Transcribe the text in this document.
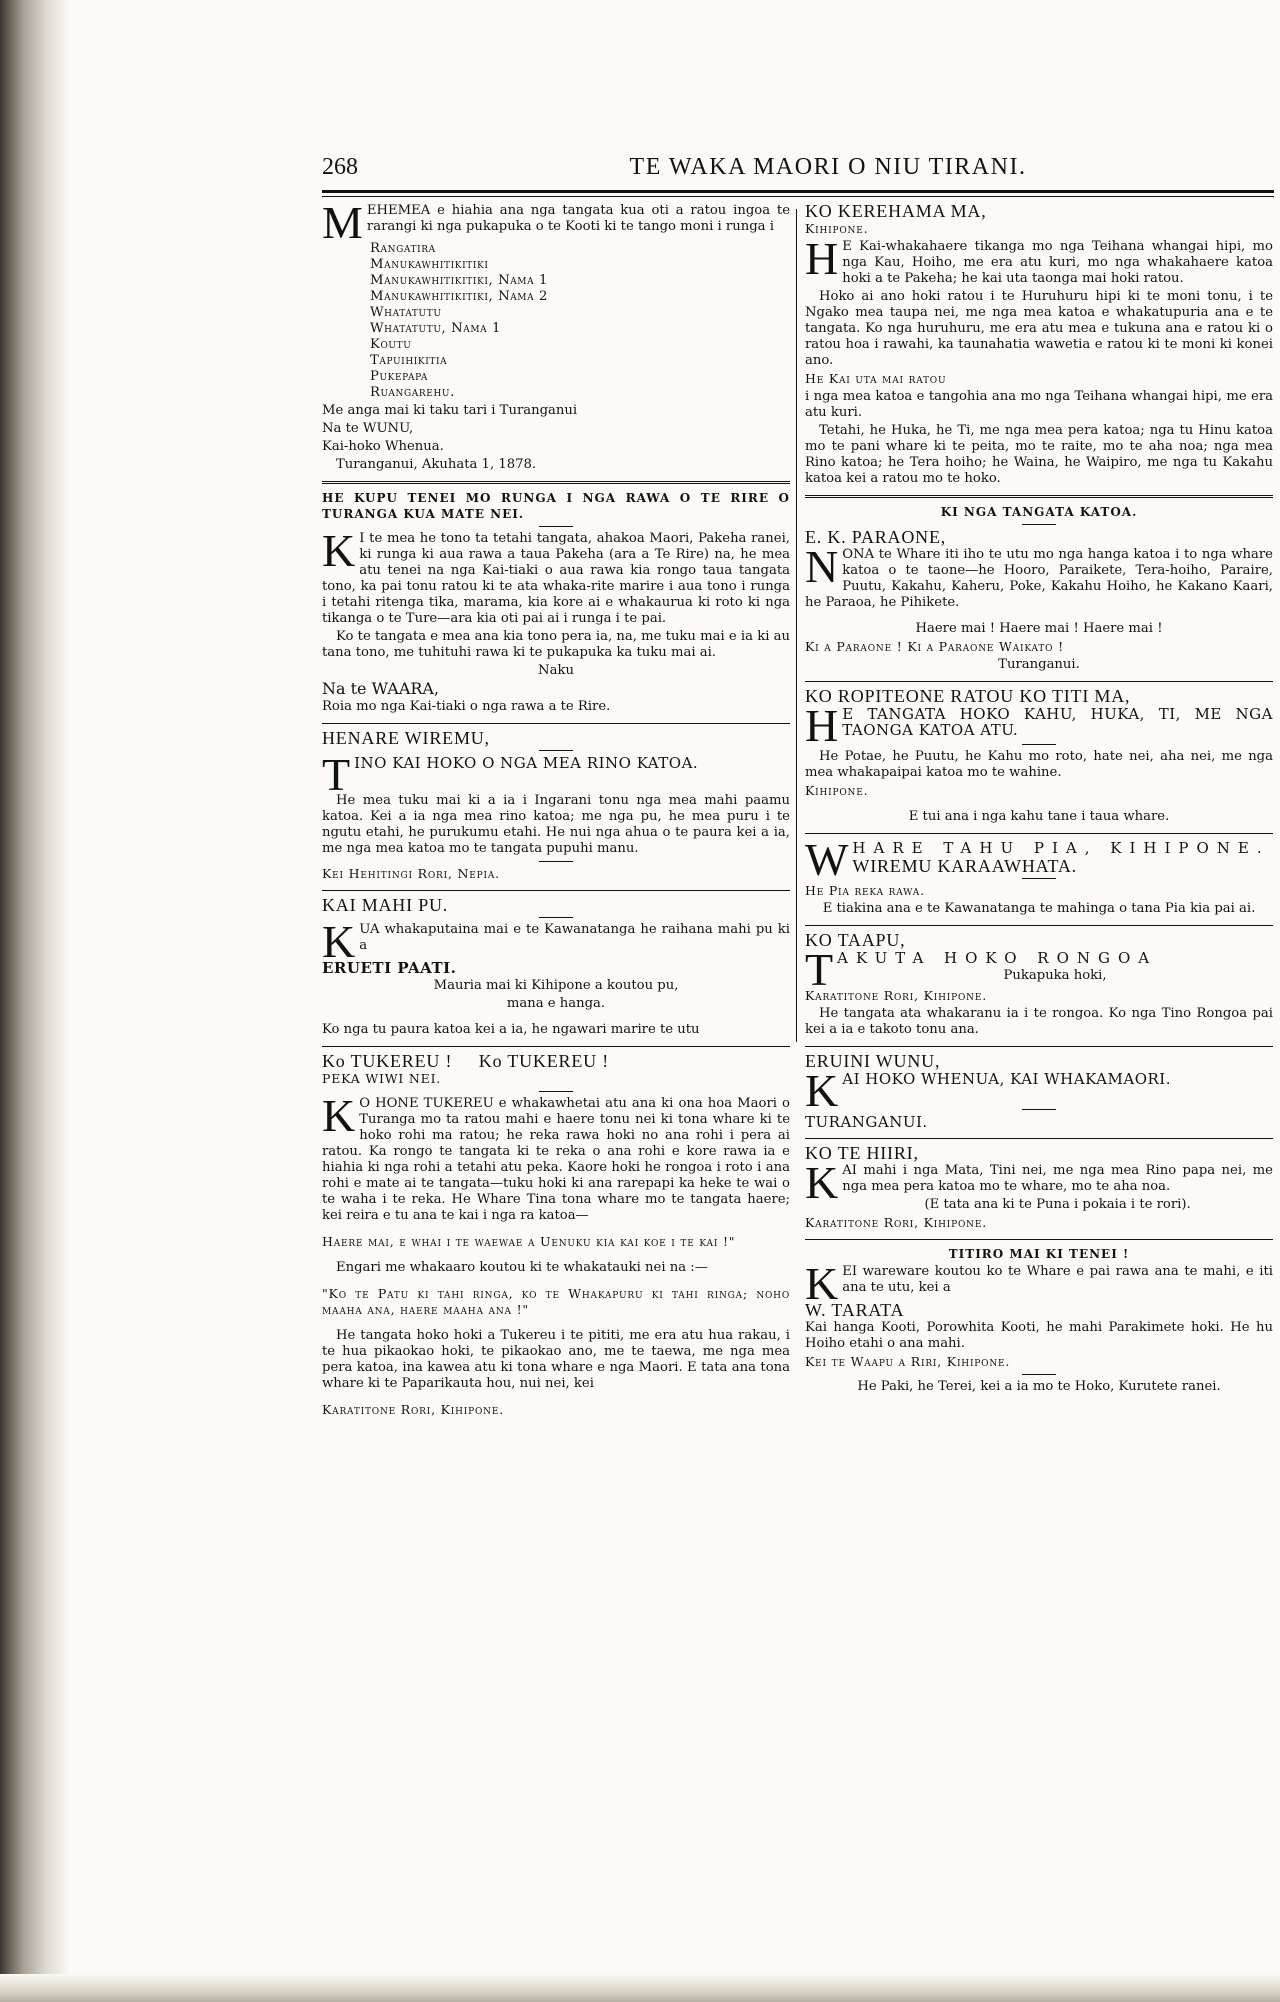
268	TE WAKA MAORI O NIU TIRANI.
M EHEMEA e hiahia ana nga tangata kua oti a ratou ingoa te rarangi ki nga pukapuka o te Kooti ki te tango moni i runga i

Rangatira
Manukawhitikitiki
Manukawhitikitiki, Nama 1
Manukawhitikitiki, Nama 2
Whatatutu
Whatatutu, Nama 1
Koutu
Tapuihikitia
Pukepapa
Ruangarehu.

Me anga mai ki taku tari i Turanganui

Na te WUNU,

Kai-hoko Whenua.

Turanganui, Akuhata 1, 1878.

HE KUPU TENEI MO RUNGA I NGA RAWA O TE RIRE O TURANGA KUA MATE NEI.

K I te mea he tono ta tetahi tangata, ahakoa Maori, Pakeha ranei, ki runga ki aua rawa a taua Pakeha (ara a Te Rire) na, he mea atu tenei na nga Kai-tiaki o aua rawa kia rongo taua tangata tono, ka pai tonu ratou ki te ata whaka-rite marire i aua tono i runga i tetahi ritenga tika, marama, kia kore ai e whakauruа ki roto ki nga tikanga o te Ture—ara kia oti pai ai i runga i te pai.

Ko te tangata e mea ana kia tono pera ia, na, me tuku mai e ia ki au tana tono, me tuhituhi rawa ki te pukapuka ka tuku mai ai.

Naku

Na te WAARA,

Roia mo nga Kai-tiaki o nga rawa a te Rire.

HENARE WIREMU,

T INO KAI HOKO O NGA MEA RINO KATOA.

He mea tuku mai ki a ia i Ingarani tonu nga mea mahi paamu katoa. Kei a ia nga mea rino katoa; me nga pu, he mea puru i te ngutu etahi, he purukumu etahi. He nui nga ahua o te paura kei a ia, me nga mea katoa mo te tangata pupuhi manu.

Kei Hehitingi Rori, Nepia.

KAI MAHI PU.

K UA whakaputaina mai e te Kawanatanga he raihana mahi pu ki a

ERUETI PAATI.

Mauria mai ki Kihipone a koutou pu,

mana e hanga.

Ko nga tu paura katoa kei a ia, he ngawari marire te utu

Ko TUKEREU ! Ko TUKEREU !

PEKA WIWI NEI.

K O HONE TUKEREU e whakawhetai atu ana ki ona hoa Maori o Turanga mo ta ratou mahi e haere tonu nei ki tona whare ki te hoko rohi ma ratou; he reka rawa hoki no ana rohi i pera ai ratou. Ka rongo te tangata ki te reka o ana rohi e kore rawa ia e hiahia ki nga rohi a tetahi atu peka. Kaore hoki he rongoa i roto i ana rohi e mate ai te tangata—tuku hoki ki ana rarepapi ka heke te wai o te waha i te reka. He Whare Tina tona whare mo te tangata haere; kei reira e tu ana te kai i nga ra katoa—

Haere mai, e whai i te waewae a Uenuku kia kai koe i te kai !"

Engari me whakaaro koutou ki te whakatauki nei na :—

"Ko te Patu ki tahi ringa, ko te Whakapuru ki tahi ringa; noho maaha ana, haere maaha ana !"

He tangata hoko hoki a Tukereu i te pititi, me era atu hua rakau, i te hua pikaokao hoki, te pikaokao ano, me te taewa, me nga mea pera katoa, ina kawea atu ki tona whare e nga Maori. E tata ana tona whare ki te Paparikauta hou, nui nei, kei

Karatitone Rori, Kihipone.

KO KEREHAMA MA,

Kihipone.

H E Kai-whakahaere tikanga mo nga Teihana whangai hipi, mo nga Kau, Hoiho, me era atu kuri, mo nga whakahaere katoa hoki a te Pakeha; he kai uta taonga mai hoki ratou.

Hoko ai ano hoki ratou i te Huruhuru hipi ki te moni tonu, i te Ngako mea taupa nei, me nga mea katoa e whakatupuria ana e te tangata. Ko nga huruhuru, me era atu mea e tukuna ana e ratou ki o ratou hoa i rawahi, ka taunahatia wawetia e ratou ki te moni ki konei ano.

He Kai uta mai ratou

i nga mea katoa e tangohia ana mo nga Teihana whangai hipi, me era atu kuri.

Tetahi, he Huka, he Ti, me nga mea pera katoa; nga tu Hinu katoa mo te pani whare ki te peita, mo te raite, mo te aha noa; nga mea Rino katoa; he Tera hoiho; he Waina, he Waipiro, me nga tu Kakahu katoa kei a ratou mo te hoko.

KI NGA TANGATA KATOA.

E. K. PARAONE,

N ONA te Whare iti iho te utu mo nga hanga katoa i to nga whare katoa o te taone—he Hooro, Paraikete, Tera-hoiho, Paraire, Puutu, Kakahu, Kaheru, Poke, Kakahu Hoiho, he Kakano Kaari, he Paraoa, he Pihikete.

Haere mai ! Haere mai ! Haere mai !

Ki a Paraone ! Ki a Paraone Waikato !

Turanganui.

KO ROPITEONE RATOU KO TITI MA,

H E TANGATA HOKO KAHU, HUKA, TI, ME NGA TAONGA KATOA ATU.

He Potae, he Puutu, he Kahu mo roto, hate nei, aha nei, me nga mea whakapaipai katoa mo te wahine.

Kihipone.

E tui ana i nga kahu tane i taua whare.

W HARE TAHU PIA, KIHIPONE.

WIREMU KARAAWHATA.

He Pia reka rawa.

E tiakina ana e te Kawanatanga te mahinga o tana Pia kia pai ai.

KO TAAPU,

T AKUTA HOKO RONGOA

Pukapuka hoki,

Karatitone Rori, Kihipone.

He tangata ata whakaranu ia i te rongoa. Ko nga Tino Rongoa pai kei a ia e takoto tonu ana.

ERUINI WUNU,

K AI HOKO WHENUA, KAI WHAKAMAORI.

TURANGANUI.

KO TE HIIRI,

K AI mahi i nga Mata, Tini nei, me nga mea Rino papa nei, me nga mea pera katoa mo te whare, mo te aha noa.

(E tata ana ki te Puna i pokaia i te rori).

Karatitone Rori, Kihipone.

TITIRO MAI KI TENEI !

K EI wareware koutou ko te Whare e pai rawa ana te mahi, e iti ana te utu, kei a

W. TARATA

Kai hanga Kooti, Porowhita Kooti, he mahi Parakimete hoki. He hu Hoiho etahi o ana mahi.

Kei te Waapu a Riri, Kihipone.

He Paki, he Terei, kei a ia mo te Hoko, Kurutete ranei.
